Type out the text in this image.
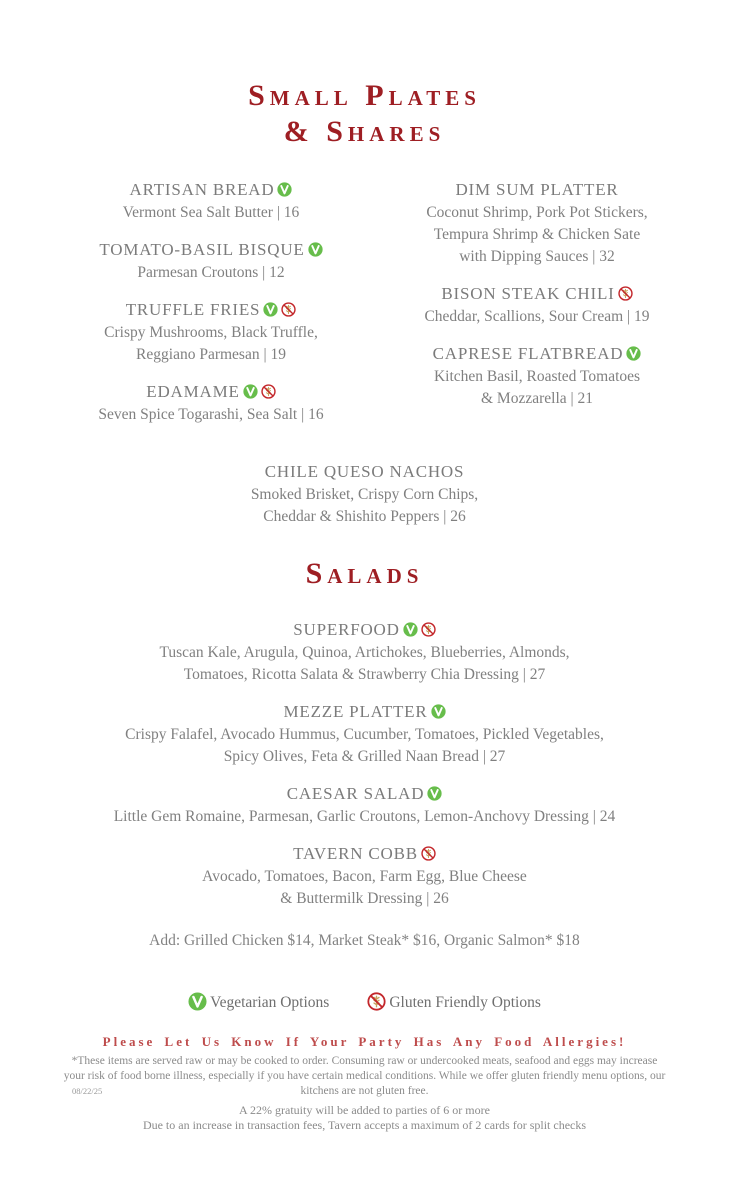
Small Plates
& Shares
ARTISAN BREAD
Vermont Sea Salt Butter | 16
TOMATO-BASIL BISQUE
Parmesan Croutons | 12
TRUFFLE FRIES
Crispy Mushrooms, Black Truffle,
Reggiano Parmesan | 19
EDAMAME
Seven Spice Togarashi, Sea Salt | 16
DIM SUM PLATTER
Coconut Shrimp, Pork Pot Stickers,
Tempura Shrimp & Chicken Sate
with Dipping Sauces | 32
BISON STEAK CHILI
Cheddar, Scallions, Sour Cream | 19
CAPRESE FLATBREAD
Kitchen Basil, Roasted Tomatoes
& Mozzarella | 21
CHILE QUESO NACHOS
Smoked Brisket, Crispy Corn Chips,
Cheddar & Shishito Peppers | 26
Salads
SUPERFOOD
Tuscan Kale, Arugula, Quinoa, Artichokes, Blueberries, Almonds,
Tomatoes, Ricotta Salata & Strawberry Chia Dressing | 27
MEZZE PLATTER
Crispy Falafel, Avocado Hummus, Cucumber, Tomatoes, Pickled Vegetables,
Spicy Olives, Feta & Grilled Naan Bread | 27
CAESAR SALAD
Little Gem Romaine, Parmesan, Garlic Croutons, Lemon-Anchovy Dressing | 24
TAVERN COBB
Avocado, Tomatoes, Bacon, Farm Egg, Blue Cheese
& Buttermilk Dressing | 26
Add: Grilled Chicken $14, Market Steak* $16, Organic Salmon* $18
Vegetarian Options	Gluten Friendly Options
Please Let Us Know If Your Party Has Any Food Allergies!
*These items are served raw or may be cooked to order. Consuming raw or undercooked meats, seafood and eggs may increase
your risk of food borne illness, especially if you have certain medical conditions. While we offer gluten friendly menu options, our
kitchens are not gluten free.
A 22% gratuity will be added to parties of 6 or more
Due to an increase in transaction fees, Tavern accepts a maximum of 2 cards for split checks
08/22/25
